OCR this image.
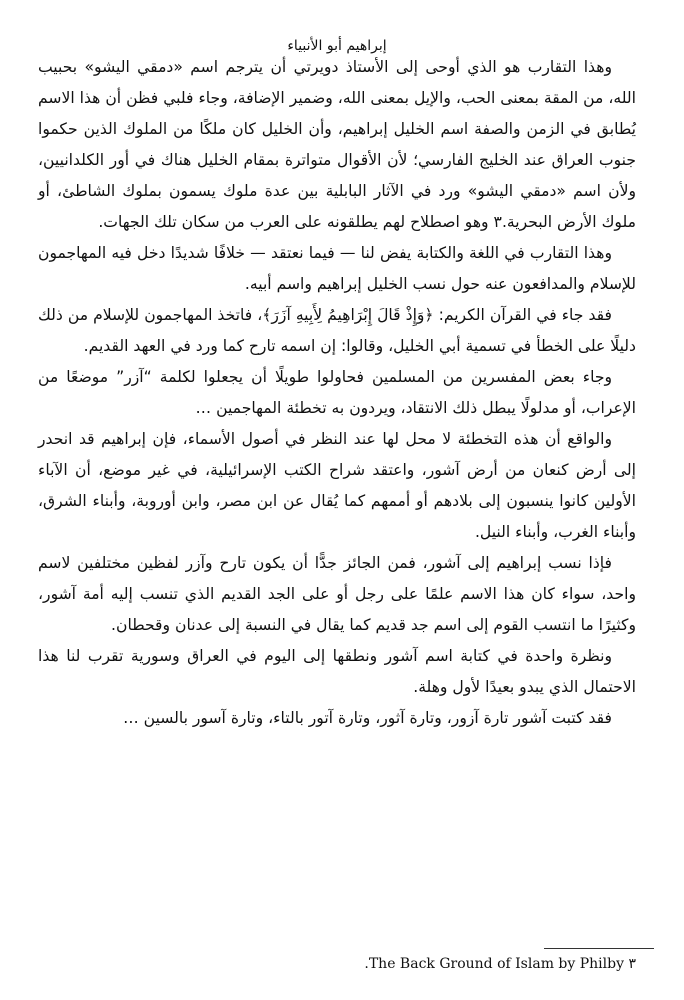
إبراهيم أبو الأنبياء

وهذا التقارب هو الذي أوحى إلى الأستاذ دويرتي أن يترجم اسم «دمقي اليشو» بحبيب الله، من المقة بمعنى الحب، والإيل بمعنى الله، وضمير الإضافة، وجاء فلبي فظن أن هذا الاسم يُطابق في الزمن والصفة اسم الخليل إبراهيم، وأن الخليل كان ملكًا من الملوك الذين حكموا جنوب العراق عند الخليج الفارسي؛ لأن الأقوال متواترة بمقام الخليل هناك في أور الكلدانيين، ولأن اسم «دمقي اليشو» ورد في الآثار البابلية بين عدة ملوك يسمون بملوك الشاطئ، أو ملوك الأرض البحرية.٣ وهو اصطلاح لهم يطلقونه على العرب من سكان تلك الجهات.

وهذا التقارب في اللغة والكتابة يفض لنا — فيما نعتقد — خلافًا شديدًا دخل فيه المهاجمون للإسلام والمدافعون عنه حول نسب الخليل إبراهيم واسم أبيه.

فقد جاء في القرآن الكريم: ﴿وَإِذْ قَالَ إِبْرَاهِيمُ لِأَبِيهِ آزَرَ﴾، فاتخذ المهاجمون للإسلام من ذلك دليلًا على الخطأ في تسمية أبي الخليل، وقالوا: إن اسمه تارح كما ورد في العهد القديم.

وجاء بعض المفسرين من المسلمين فحاولوا طويلًا أن يجعلوا لكلمة “آزر” موضعًا من الإعراب، أو مدلولًا يبطل ذلك الانتقاد، ويردون به تخطئة المهاجمين …

والواقع أن هذه التخطئة لا محل لها عند النظر في أصول الأسماء، فإن إبراهيم قد انحدر إلى أرض كنعان من أرض آشور، واعتقد شراح الكتب الإسرائيلية، في غير موضع، أن الآباء الأولين كانوا ينسبون إلى بلادهم أو أممهم كما يُقال عن ابن مصر، وابن أوروبة، وأبناء الشرق، وأبناء الغرب، وأبناء النيل.

فإذا نسب إبراهيم إلى آشور، فمن الجائز جدًّا أن يكون تارح وآزر لفظين مختلفين لاسم واحد، سواء كان هذا الاسم علمًا على رجل أو على الجد القديم الذي تنسب إليه أمة آشور، وكثيرًا ما انتسب القوم إلى اسم جد قديم كما يقال في النسبة إلى عدنان وقحطان.

ونظرة واحدة في كتابة اسم آشور ونطقها إلى اليوم في العراق وسورية تقرب لنا هذا الاحتمال الذي يبدو بعيدًا لأول وهلة.

فقد كتبت آشور تارة آزور، وتارة آثور، وتارة آتور بالتاء، وتارة آسور بالسين …

٣ The Back Ground of Islam by Philby.
